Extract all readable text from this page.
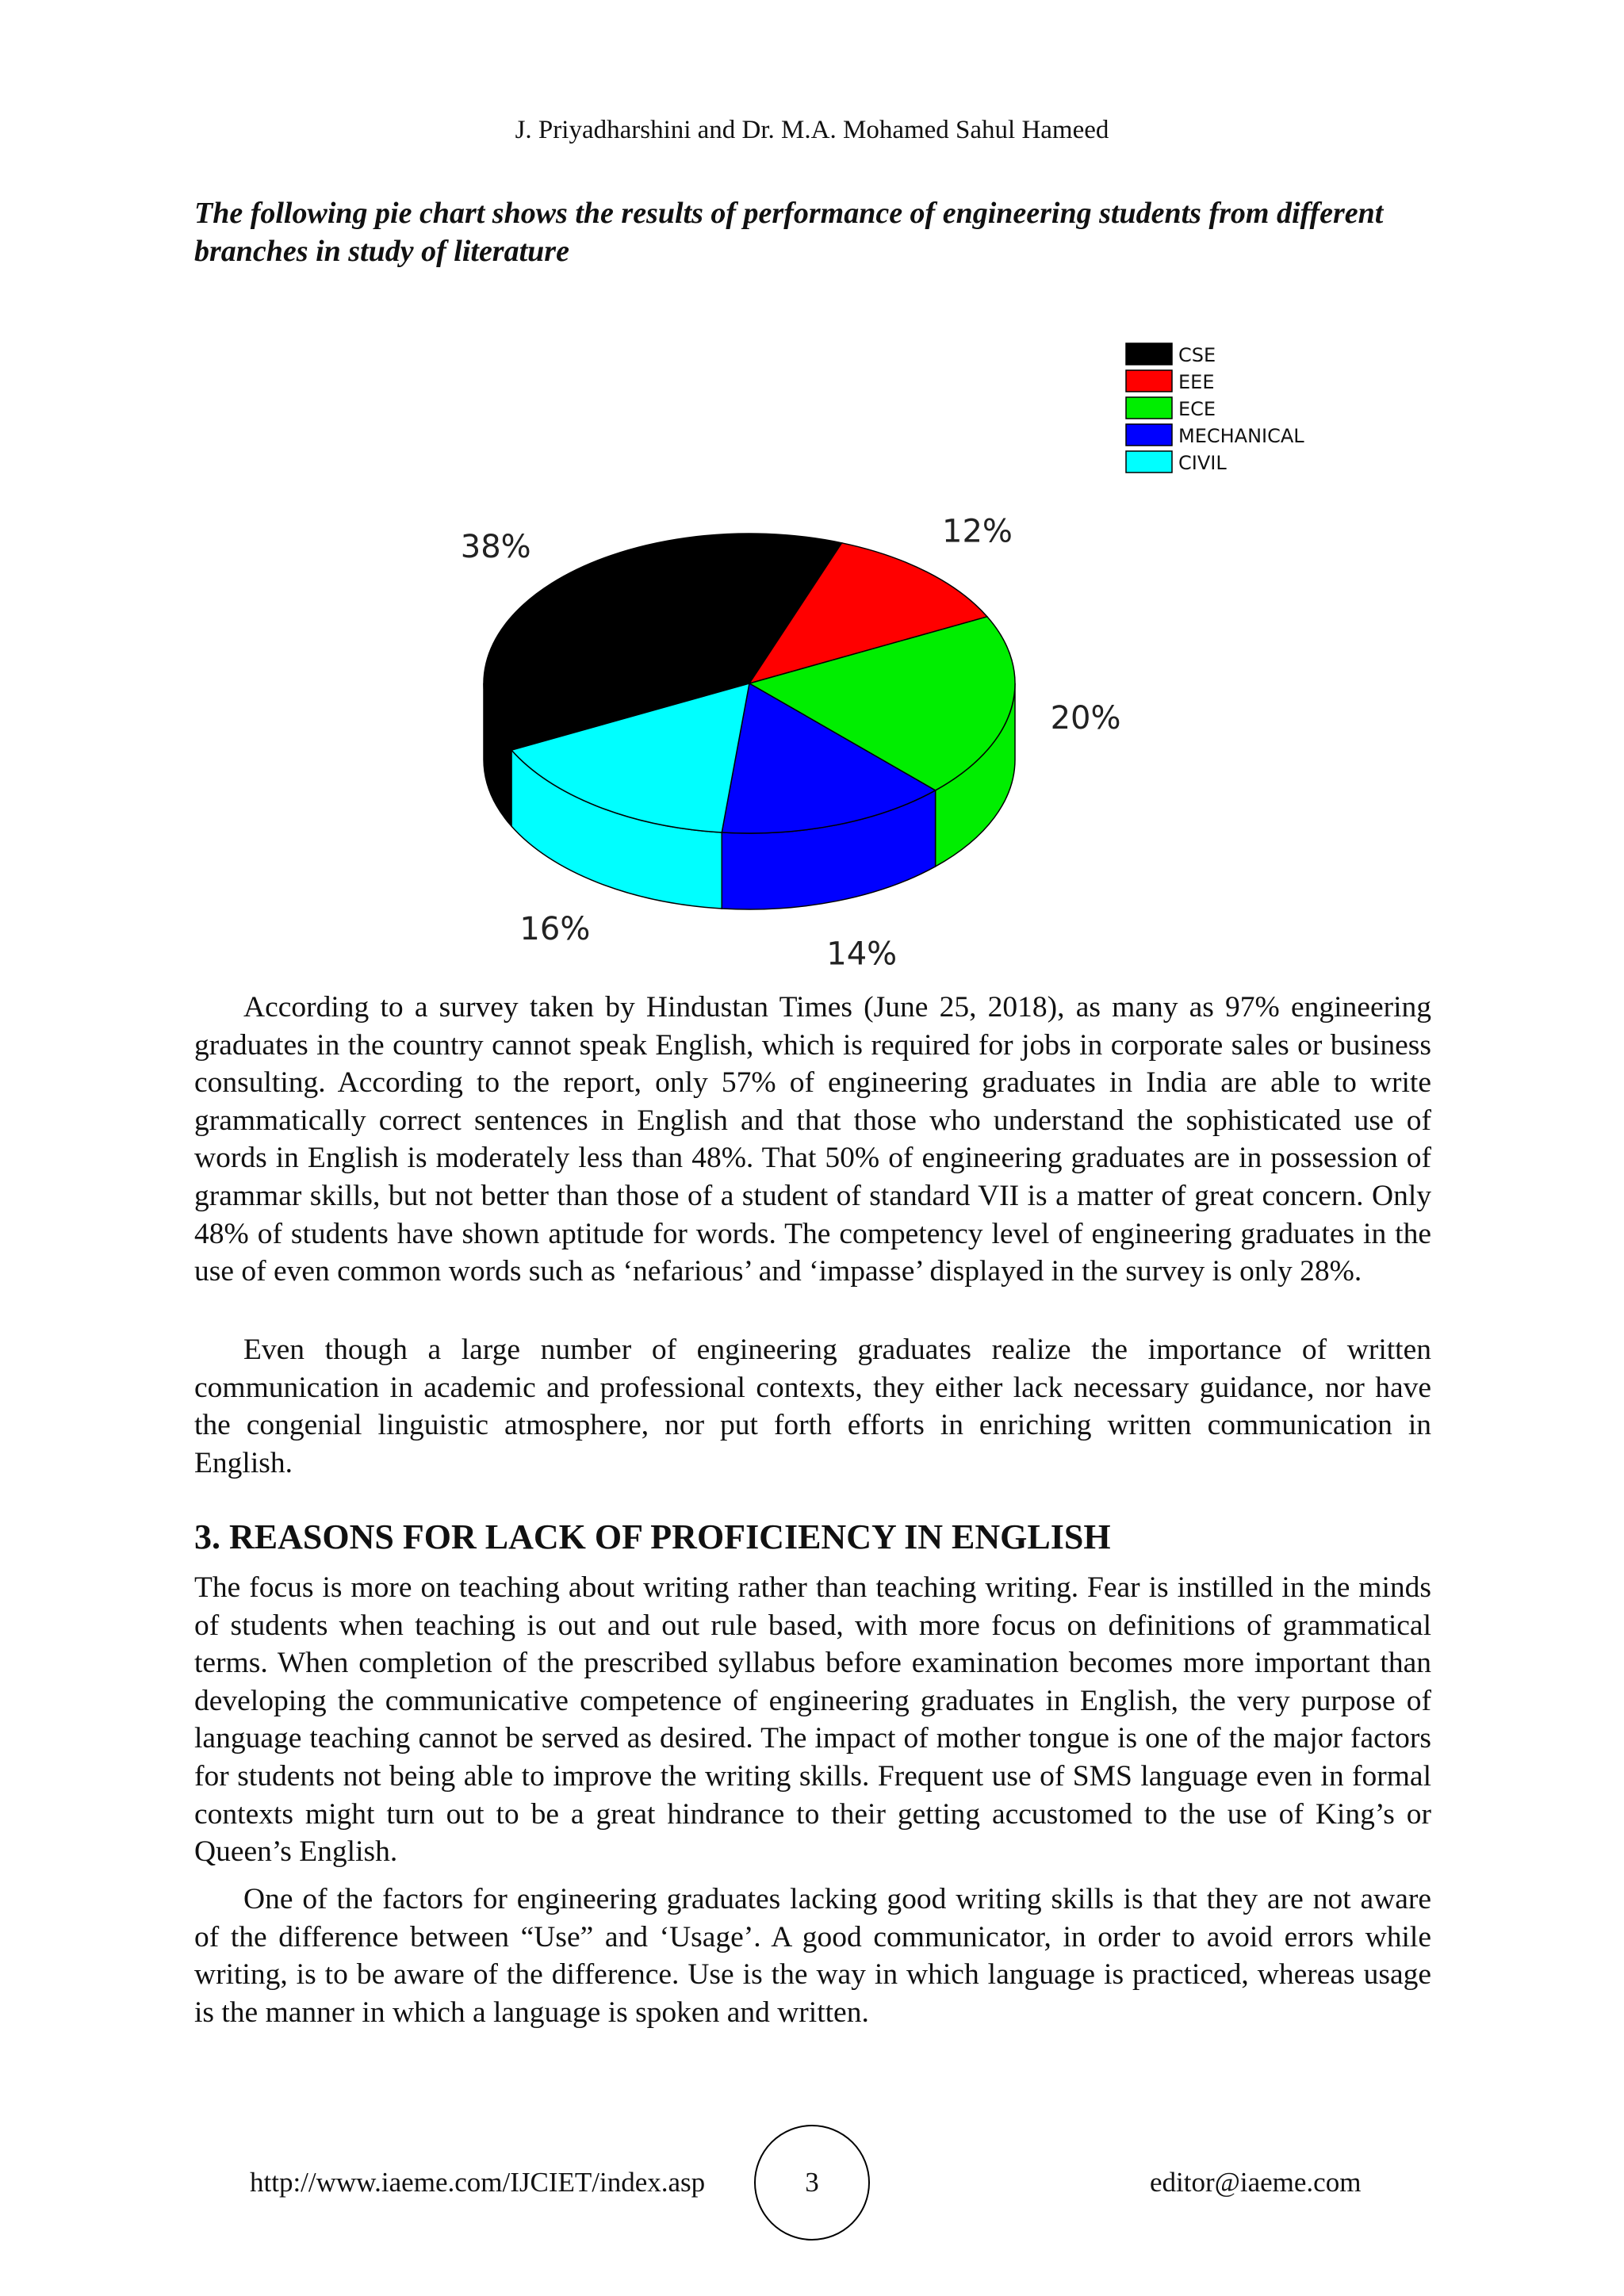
J. Priyadharshini and Dr. M.A. Mohamed Sahul Hameed
The following pie chart shows the results of performance of engineering students from different branches in study of literature
38%	12%
20%
14%
16%
CSE
EEE
ECE
MECHANICAL
CIVIL

According to a survey taken by Hindustan Times (June 25, 2018), as many as 97% engineering graduates in the country cannot speak English, which is required for jobs in corporate sales or business consulting. According to the report, only 57% of engineering graduates in India are able to write grammatically correct sentences in English and that those who understand the sophisticated use of words in English is moderately less than 48%. That 50% of engineering graduates are in possession of grammar skills, but not better than those of a student of standard VII is a matter of great concern. Only 48% of students have shown aptitude for words. The competency level of engineering graduates in the use of even common words such as ‘nefarious’ and ‘impasse’ displayed in the survey is only 28%.

Even though a large number of engineering graduates realize the importance of written communication in academic and professional contexts, they either lack necessary guidance, nor have the congenial linguistic atmosphere, nor put forth efforts in enriching written communication in English.

3. REASONS FOR LACK OF PROFICIENCY IN ENGLISH

The focus is more on teaching about writing rather than teaching writing. Fear is instilled in the minds of students when teaching is out and out rule based, with more focus on definitions of grammatical terms. When completion of the prescribed syllabus before examination becomes more important than developing the communicative competence of engineering graduates in English, the very purpose of language teaching cannot be served as desired. The impact of mother tongue is one of the major factors for students not being able to improve the writing skills. Frequent use of SMS language even in formal contexts might turn out to be a great hindrance to their getting accustomed to the use of King’s or Queen’s English.

One of the factors for engineering graduates lacking good writing skills is that they are not aware of the difference between “Use” and ‘Usage’. A good communicator, in order to avoid errors while writing, is to be aware of the difference. Use is the way in which language is practiced, whereas usage is the manner in which a language is spoken and written.

http://www.iaeme.com/IJCIET/index.asp	3	editor@iaeme.com
